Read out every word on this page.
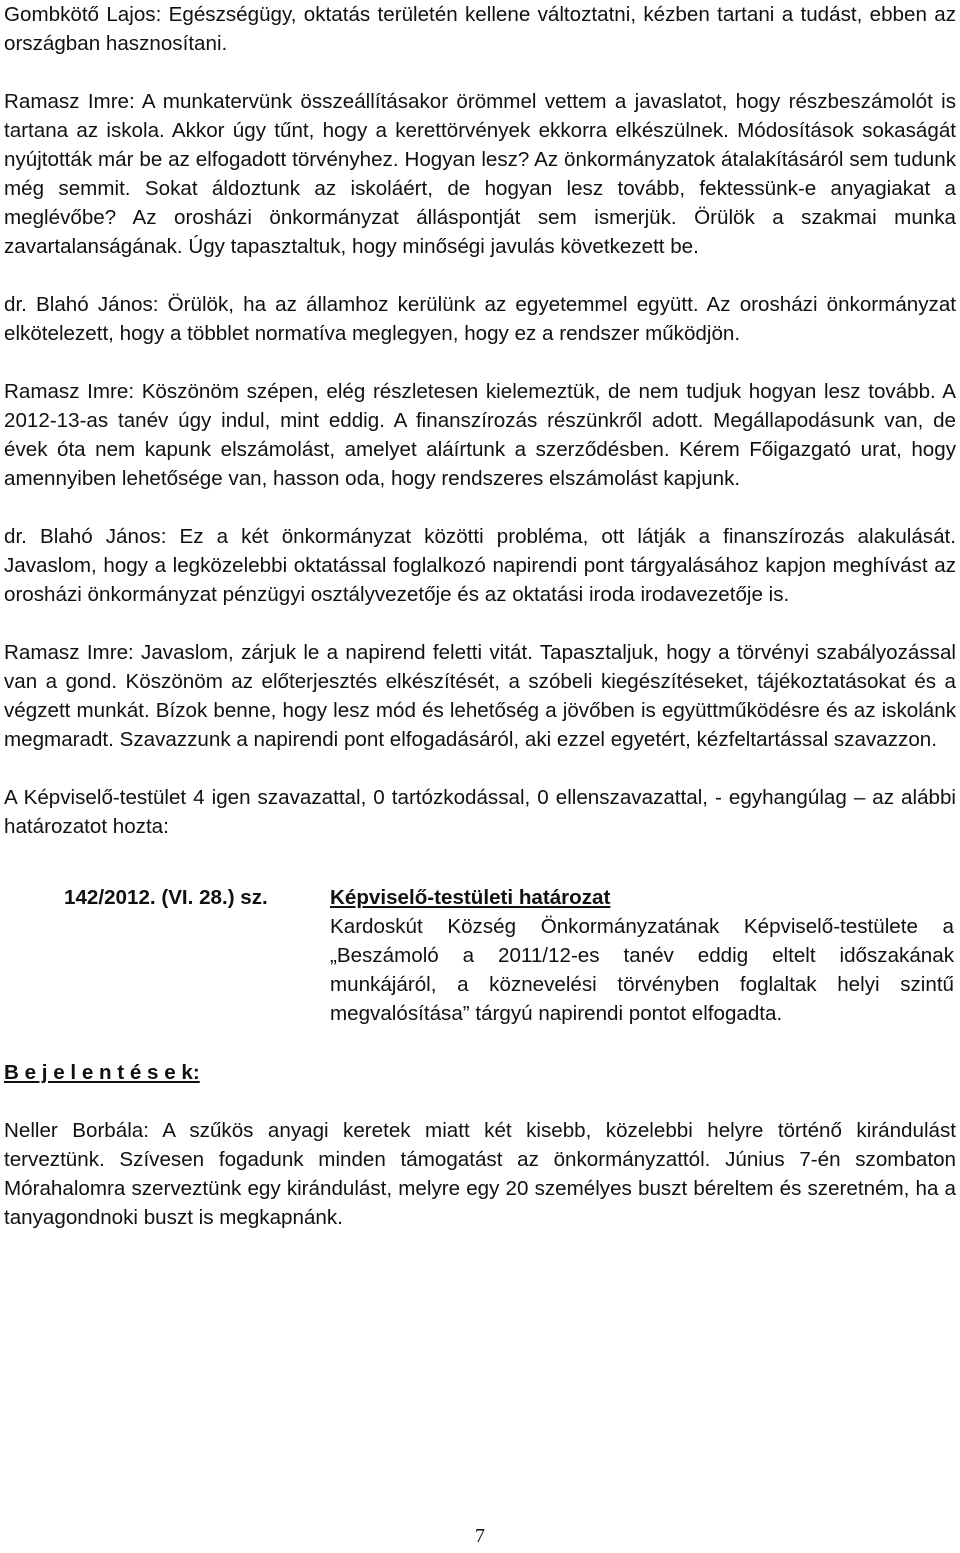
Gombkötő Lajos: Egészségügy, oktatás területén kellene változtatni, kézben tartani a tudást, ebben az országban hasznosítani.

Ramasz Imre: A munkatervünk összeállításakor örömmel vettem a javaslatot, hogy részbeszámolót is tartana az iskola. Akkor úgy tűnt, hogy a kerettörvények ekkorra elkészülnek. Módosítások sokaságát nyújtották már be az elfogadott törvényhez. Hogyan lesz? Az önkormányzatok átalakításáról sem tudunk még semmit. Sokat áldoztunk az iskoláért, de hogyan lesz tovább, fektessünk-e anyagiakat a meglévőbe? Az orosházi önkormányzat álláspontját sem ismerjük. Örülök a szakmai munka zavartalanságának. Úgy tapasztaltuk, hogy minőségi javulás következett be.

dr. Blahó János: Örülök, ha az államhoz kerülünk az egyetemmel együtt. Az orosházi önkormányzat elkötelezett, hogy a többlet normatíva meglegyen, hogy ez a rendszer működjön.

Ramasz Imre: Köszönöm szépen, elég részletesen kielemeztük, de nem tudjuk hogyan lesz tovább. A 2012-13-as tanév úgy indul, mint eddig. A finanszírozás részünkről adott. Megállapodásunk van, de évek óta nem kapunk elszámolást, amelyet aláírtunk a szerződésben. Kérem Főigazgató urat, hogy amennyiben lehetősége van, hasson oda, hogy rendszeres elszámolást kapjunk.

dr. Blahó János: Ez a két önkormányzat közötti probléma, ott látják a finanszírozás alakulását. Javaslom, hogy a legközelebbi oktatással foglalkozó napirendi pont tárgyalásához kapjon meghívást az orosházi önkormányzat pénzügyi osztályvezetője és az oktatási iroda irodavezetője is.

Ramasz Imre: Javaslom, zárjuk le a napirend feletti vitát. Tapasztaljuk, hogy a törvényi szabályozással van a gond. Köszönöm az előterjesztés elkészítését, a szóbeli kiegészítéseket, tájékoztatásokat és a végzett munkát. Bízok benne, hogy lesz mód és lehetőség a jövőben is együttműködésre és az iskolánk megmaradt. Szavazzunk a napirendi pont elfogadásáról, aki ezzel egyetért, kézfeltartással szavazzon.

A Képviselő-testület 4 igen szavazattal, 0 tartózkodással, 0 ellenszavazattal, - egyhangúlag – az alábbi határozatot hozta:

142/2012. (VI. 28.) sz.	Képviselő-testületi határozat
Kardoskút Község Önkormányzatának Képviselő-testülete a „Beszámoló a 2011/12-es tanév eddig eltelt időszakának munkájáról, a köznevelési törvényben foglaltak helyi szintű megvalósítása” tárgyú napirendi pontot elfogadta.

B e j e l e n t é s e k:

Neller Borbála: A szűkös anyagi keretek miatt két kisebb, közelebbi helyre történő kirándulást terveztünk. Szívesen fogadunk minden támogatást az önkormányzattól. Június 7-én szombaton Mórahalomra szerveztünk egy kirándulást, melyre egy 20 személyes buszt béreltem és szeretném, ha a tanyagondnoki buszt is megkapnánk.

7
